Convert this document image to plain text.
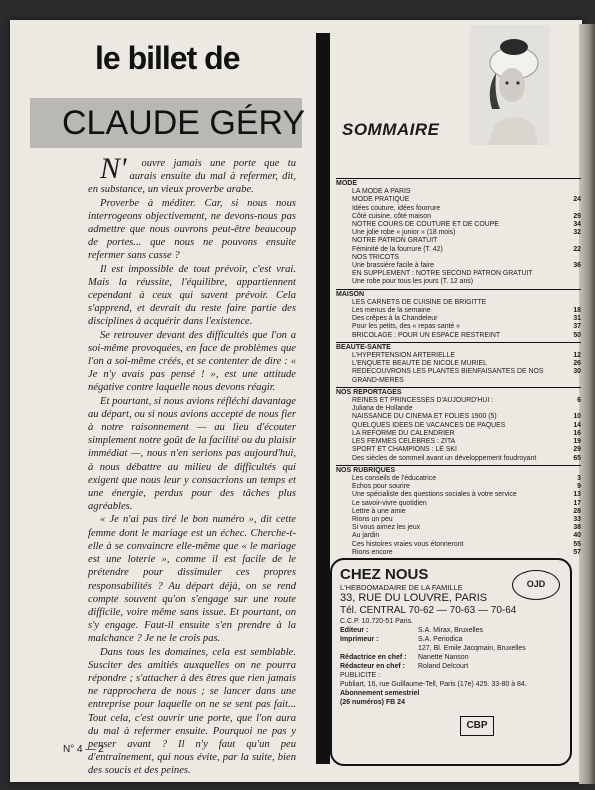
le billet de
CLAUDE GÉRY

N'ouvre jamais une porte que tu aurais ensuite du mal à refermer, dit, en substance, un vieux proverbe arabe.

Proverbe à méditer. Car, si nous nous interrogeons objectivement, ne devons-nous pas admettre que nous ouvrons peut-être beaucoup de portes... que nous ne pouvons ensuite refermer sans casse ?

Il est impossible de tout prévoir, c'est vrai. Mais la réussite, l'équilibre, appartiennent cependant à ceux qui savent prévoir. Cela s'apprend, et devrait du reste faire partie des disciplines à acquérir dans l'existence.

Se retrouver devant des difficultés que l'on a soi-même provoquées, en face de problèmes que l'on a soi-même créés, et se contenter de dire : « Je n'y avais pas pensé ! », est une attitude négative contre laquelle nous devons réagir.

Et pourtant, si nous avions réfléchi davantage au départ, ou si nous avions accepté de nous fier à notre raisonnement — au lieu d'écouter simplement notre goût de la facilité ou du plaisir immédiat —, nous n'en serions pas aujourd'hui, à nous débattre au milieu de difficultés qui exigent que nous leur y consacrions un temps et une énergie, perdus pour des tâches plus agréables.

« Je n'ai pas tiré le bon numéro », dit cette femme dont le mariage est un échec. Cherche-t-elle à se convaincre elle-même que « le mariage est une loterie », comme il est facile de le prétendre pour dissimuler ces propres responsabilités ? Au départ déjà, on se rend compte souvent qu'on s'engage sur une route difficile, voire même sans issue. Et pourtant, on s'y engage. Faut-il ensuite s'en prendre à la malchance ? Je ne le crois pas.

Dans tous les domaines, cela est semblable. Susciter des amitiés auxquelles on ne pourra répondre ; s'attacher à des êtres que rien jamais ne rapprochera de nous ; se lancer dans une entreprise pour laquelle on ne se sent pas fait... Tout cela, c'est ouvrir une porte, que l'on aura du mal à refermer ensuite. Pourquoi ne pas y penser avant ? Il n'y faut qu'un peu d'entraînement, qui nous évite, par la suite, bien des soucis et des peines.

N° 4 — 2
SOMMAIRE
MODE
LA MODE A PARIS
MODE PRATIQUE	24
Idées couture, idées fourrure
Côté cuisine, côté maison	29
NOTRE COURS DE COUTURE ET DE COUPE	34
Une jolie robe « junior » (18 mois)	32
NOTRE PATRON GRATUIT
Féminité de la fourrure (T. 42)	22
NOS TRICOTS
Une brassière facile à faire	36
EN SUPPLEMENT : NOTRE SECOND PATRON GRATUIT
Une robe pour tous les jours (T. 12 ans)
MAISON
LES CARNETS DE CUISINE DE BRIGITTE
Les menus de la semaine	18
Des crêpes à la Chandeleur	31
Pour les petits, des « repas santé »	37
BRICOLAGE : POUR UN ESPACE RESTREINT	50
BEAUTE-SANTE
L'HYPERTENSION ARTERIELLE	12
L'ENQUETE BEAUTE DE NICOLE MURIEL	26
REDECOUVRONS LES PLANTES BIENFAISANTES DE NOS GRAND-MERES
30
NOS REPORTAGES
REINES ET PRINCESSES D'AUJOURD'HUI :	6
Juliana de Hollande
NAISSANCE DU CINEMA ET FOLIES 1900 (5)	10
QUELQUES IDEES DE VACANCES DE PAQUES	14
LA REFORME DU CALENDRIER	16
LES FEMMES CELEBRES : ZITA	19
SPORT ET CHAMPIONS : LE SKI	29
Des siècles de sommeil avant un développement foudroyant	65
NOS RUBRIQUES
Les conseils de l'éducatrice	3
Echos pour sourire	9
Une spécialiste des questions sociales à votre service	13
Le savoir-vivre quotidien	17
Lettre à une amie	28
Rions un peu	33
Si vous aimez les jeux	38
Au jardin	40
Ces histoires vraies vous étonneront	55
Rions encore	57
CHEZ NOUS
L'HEBDOMADAIRE DE LA FAMILLE
33, RUE DU LOUVRE, PARIS
Tél. CENTRAL 70-62 — 70-63 — 70-64
C.C.P. 10.720-51 Paris.
Editeur :	S.A. Mirax, Bruxelles
Imprimeur :	S.A. Periodica
127, Bl. Emile Jacqmain, Bruxelles
Rédactrice en chef :	Nanette Nanson
Rédacteur en chef :	Roland Delcourt
PUBLICITE :
Publiart, 16, rue Guillaume-Tell, Paris (17e) 425. 33-80 à 84.
Abonnement semestriel
(26 numéros) FB 24
OJD
CBP
